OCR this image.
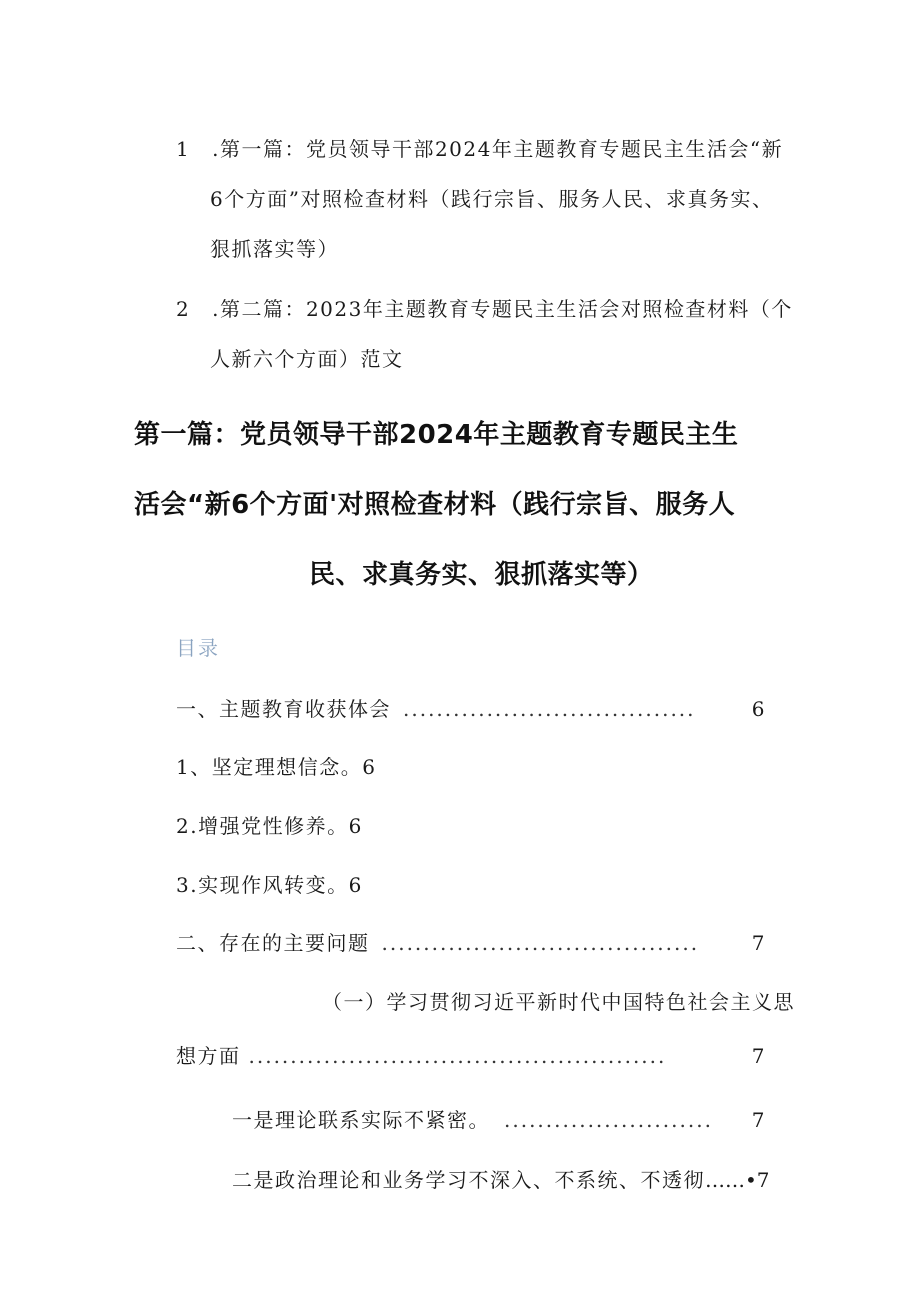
1 .第一篇：党员领导干部2024年主题教育专题民主生活会“新
6个方面”对照检查材料（践行宗旨、服务人民、求真务实、
狠抓落实等）
2 .第二篇：2023年主题教育专题民主生活会对照检查材料（个
人新六个方面）范文
第一篇：党员领导干部2024年主题教育专题民主生
活会“新6个方面'对照检查材料（践行宗旨、服务人
民、求真务实、狠抓落实等）
目录
一、主题教育收获体会 ...................................	6
1、坚定理想信念。 6
2.增强党性修养。 6
3.实现作风转变。 6
二、存在的主要问题 ......................................	7
（一）学习贯彻习近平新时代中国特色社会主义思
想方面 ..................................................	7
一是理论联系实际不紧密。 .........................	7
二是政治理论和业务学习不深入、不系统、不透彻 ……• 7
